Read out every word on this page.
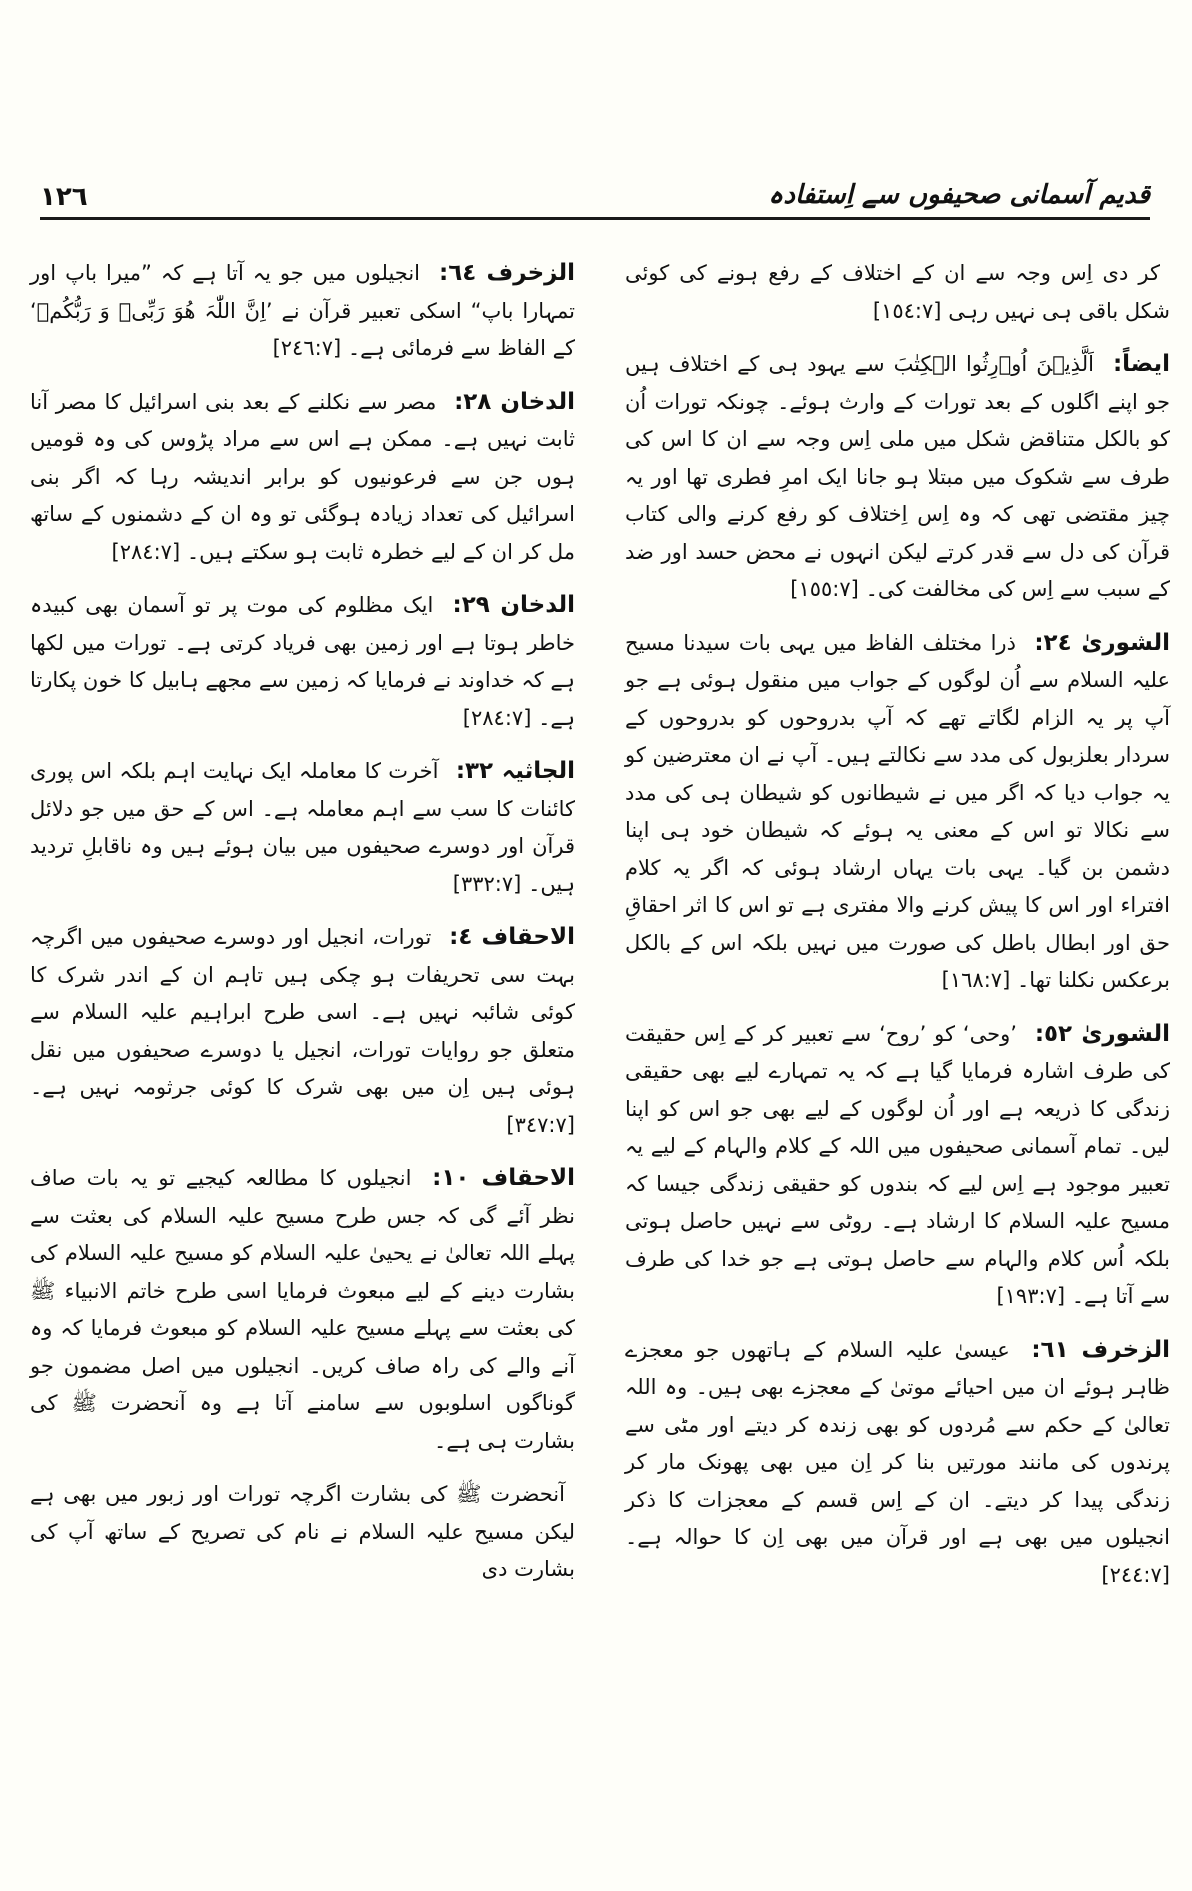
قدیم آسمانی صحیفوں سے اِستفادہ
١٢٦

کر دی اِس وجہ سے ان کے اختلاف کے رفع ہونے کی کوئی شکل باقی ہی نہیں رہی [١٥٤:٧]

ایضاً: اَلَّذِیۡنَ اُوۡرِثُوا الۡکِتٰبَ سے یہود ہی کے اختلاف ہیں جو اپنے اگلوں کے بعد تورات کے وارث ہوئے۔ چونکہ تورات اُن کو بالکل متناقض شکل میں ملی اِس وجہ سے ان کا اس کی طرف سے شکوک میں مبتلا ہو جانا ایک امرِ فطری تھا اور یہ چیز مقتضی تھی کہ وہ اِس اِختلاف کو رفع کرنے والی کتاب قرآن کی دل سے قدر کرتے لیکن انہوں نے محض حسد اور ضد کے سبب سے اِس کی مخالفت کی۔ [١٥٥:٧]

الشوریٰ ٢٤: ذرا مختلف الفاظ میں یہی بات سیدنا مسیح علیہ السلام سے اُن لوگوں کے جواب میں منقول ہوئی ہے جو آپ پر یہ الزام لگاتے تھے کہ آپ بدروحوں کو بدروحوں کے سردار بعلزبول کی مدد سے نکالتے ہیں۔ آپ نے ان معترضین کو یہ جواب دیا کہ اگر میں نے شیطانوں کو شیطان ہی کی مدد سے نکالا تو اس کے معنی یہ ہوئے کہ شیطان خود ہی اپنا دشمن بن گیا۔ یہی بات یہاں ارشاد ہوئی کہ اگر یہ کلام افتراء اور اس کا پیش کرنے والا مفتری ہے تو اس کا اثر احقاقِ حق اور ابطال باطل کی صورت میں نہیں بلکہ اس کے بالکل برعکس نکلنا تھا۔ [١٦٨:٧]

الشوریٰ ٥٢: ’وحی‘ کو ’روح‘ سے تعبیر کر کے اِس حقیقت کی طرف اشارہ فرمایا گیا ہے کہ یہ تمہارے لیے بھی حقیقی زندگی کا ذریعہ ہے اور اُن لوگوں کے لیے بھی جو اس کو اپنا لیں۔ تمام آسمانی صحیفوں میں اللہ کے کلام والہام کے لیے یہ تعبیر موجود ہے اِس لیے کہ بندوں کو حقیقی زندگی جیسا کہ مسیح علیہ السلام کا ارشاد ہے۔ روٹی سے نہیں حاصل ہوتی بلکہ اُس کلام والہام سے حاصل ہوتی ہے جو خدا کی طرف سے آتا ہے۔ [١٩٣:٧]

الزخرف ٦١: عیسیٰ علیہ السلام کے ہاتھوں جو معجزے ظاہر ہوئے ان میں احیائے موتیٰ کے معجزے بھی ہیں۔ وہ اللہ تعالیٰ کے حکم سے مُردوں کو بھی زندہ کر دیتے اور مٹی سے پرندوں کی مانند مورتیں بنا کر اِن میں بھی پھونک مار کر زندگی پیدا کر دیتے۔ ان کے اِس قسم کے معجزات کا ذکر انجیلوں میں بھی ہے اور قرآن میں بھی اِن کا حوالہ ہے۔ [٢٤٤:٧]

الزخرف ٦٤: انجیلوں میں جو یہ آتا ہے کہ ”میرا باپ اور تمہارا باپ“ اسکی تعبیر قرآن نے ’اِنَّ اللّٰہَ ھُوَ رَبِّیۡ وَ رَبُّکُمۡ‘ کے الفاظ سے فرمائی ہے۔ [٢٤٦:٧]

الدخان ٢٨: مصر سے نکلنے کے بعد بنی اسرائیل کا مصر آنا ثابت نہیں ہے۔ ممکن ہے اس سے مراد پڑوس کی وہ قومیں ہوں جن سے فرعونیوں کو برابر اندیشہ رہا کہ اگر بنی اسرائیل کی تعداد زیادہ ہوگئی تو وہ ان کے دشمنوں کے ساتھ مل کر ان کے لیے خطرہ ثابت ہو سکتے ہیں۔ [٢٨٤:٧]

الدخان ٢٩: ایک مظلوم کی موت پر تو آسمان بھی کبیدہ خاطر ہوتا ہے اور زمین بھی فریاد کرتی ہے۔ تورات میں لکھا ہے کہ خداوند نے فرمایا کہ زمین سے مجھے ہابیل کا خون پکارتا ہے۔ [٢٨٤:٧]

الجاثیہ ٣٢: آخرت کا معاملہ ایک نہایت اہم بلکہ اس پوری کائنات کا سب سے اہم معاملہ ہے۔ اس کے حق میں جو دلائل قرآن اور دوسرے صحیفوں میں بیان ہوئے ہیں وہ ناقابلِ تردید ہیں۔ [٣٣٢:٧]

الاحقاف ٤: تورات، انجیل اور دوسرے صحیفوں میں اگرچہ بہت سی تحریفات ہو چکی ہیں تاہم ان کے اندر شرک کا کوئی شائبہ نہیں ہے۔ اسی طرح ابراہیم علیہ السلام سے متعلق جو روایات تورات، انجیل یا دوسرے صحیفوں میں نقل ہوئی ہیں اِن میں بھی شرک کا کوئی جرثومہ نہیں ہے۔ [٣٤٧:٧]

الاحقاف ١٠: انجیلوں کا مطالعہ کیجیے تو یہ بات صاف نظر آئے گی کہ جس طرح مسیح علیہ السلام کی بعثت سے پہلے اللہ تعالیٰ نے یحییٰ علیہ السلام کو مسیح علیہ السلام کی بشارت دینے کے لیے مبعوث فرمایا اسی طرح خاتم الانبیاء ﷺ کی بعثت سے پہلے مسیح علیہ السلام کو مبعوث فرمایا کہ وہ آنے والے کی راہ صاف کریں۔ انجیلوں میں اصل مضمون جو گوناگوں اسلوبوں سے سامنے آتا ہے وہ آنحضرت ﷺ کی بشارت ہی ہے۔

آنحضرت ﷺ کی بشارت اگرچہ تورات اور زبور میں بھی ہے لیکن مسیح علیہ السلام نے نام کی تصریح کے ساتھ آپ کی بشارت دی
